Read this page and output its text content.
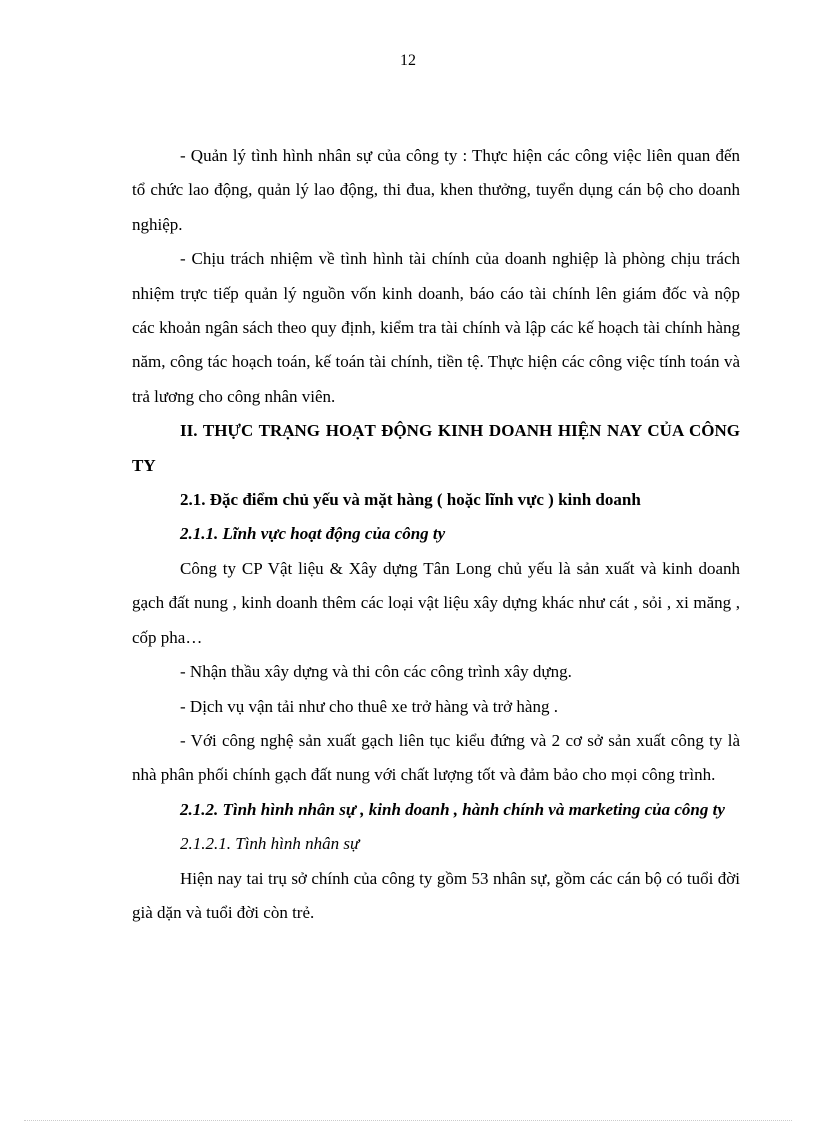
12

- Quản lý tình hình nhân sự của công ty : Thực hiện các công việc liên quan đến tổ chức lao động, quản lý lao động, thi đua, khen thưởng, tuyển dụng cán bộ cho doanh nghiệp.

- Chịu trách nhiệm về tình hình tài chính của doanh nghiệp là phòng chịu trách nhiệm trực tiếp quản lý nguồn vốn kinh doanh, báo cáo tài chính lên giám đốc và nộp các khoản ngân sách theo quy định, kiểm tra tài chính và lập các kế hoạch tài chính hàng năm, công tác hoạch toán, kế toán tài chính, tiền tệ. Thực hiện các công việc tính toán và trả lương cho công nhân viên.

II. THỰC TRẠNG HOẠT ĐỘNG KINH DOANH HIỆN NAY CỦA CÔNG TY

2.1. Đặc điểm chủ yếu và mặt hàng ( hoặc lĩnh vực ) kinh doanh

2.1.1. Lĩnh vực hoạt động của công ty

Công ty CP Vật liệu & Xây dựng Tân Long chủ yếu là sản xuất và kinh doanh gạch đất nung , kinh doanh thêm các loại vật liệu xây dựng khác như cát , sỏi , xi măng , cốp pha…

- Nhận thầu xây dựng và thi côn các công trình xây dựng.

- Dịch vụ vận tải như cho thuê xe trở hàng và trở hàng .

- Với công nghệ sản xuất gạch liên tục kiểu đứng và 2 cơ sở sản xuất công ty là nhà phân phối chính gạch đất nung với chất lượng tốt và đảm bảo cho mọi công trình.

2.1.2. Tình hình nhân sự , kinh doanh , hành chính và marketing của công ty

2.1.2.1. Tình hình nhân sự

Hiện nay tai trụ sở chính của công ty gồm 53 nhân sự, gồm các cán bộ có tuổi đời già dặn và tuổi đời còn trẻ.
